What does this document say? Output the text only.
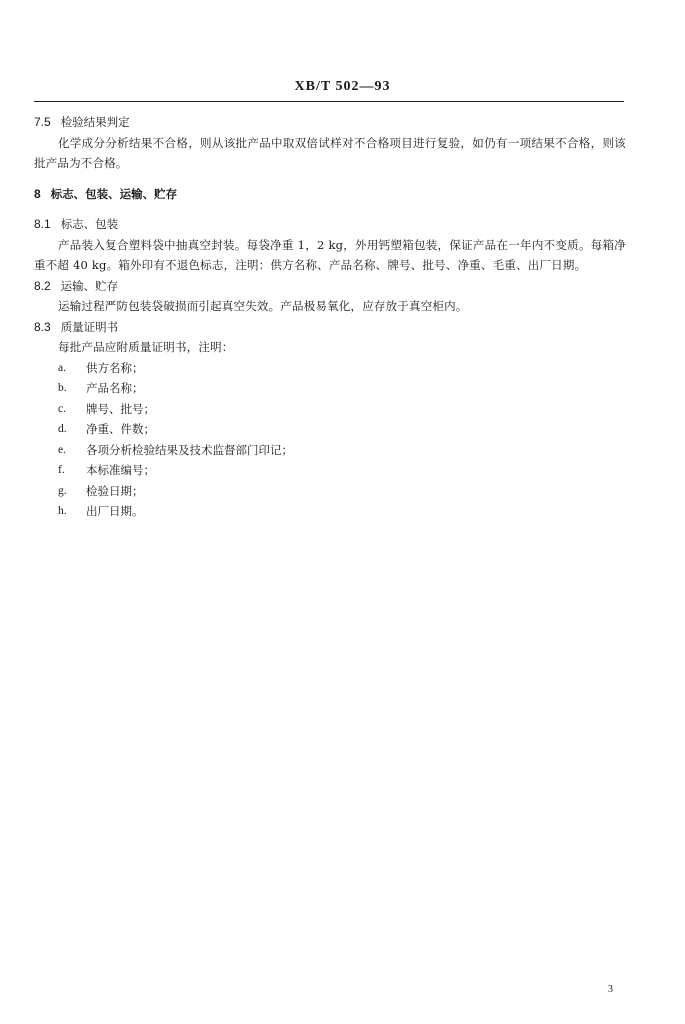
XB/T 502—93
7.5 检验结果判定

化学成分分析结果不合格，则从该批产品中取双倍试样对不合格项目进行复验，如仍有一项结果不合格，则该批产品为不合格。

8 标志、包装、运输、贮存
8.1 标志、包装

产品装入复合塑料袋中抽真空封装。每袋净重 1，2 kg，外用钙塑箱包装，保证产品在一年内不变质。每箱净重不超 40 kg。箱外印有不退色标志，注明：供方名称、产品名称、牌号、批号、净重、毛重、出厂日期。

8.2 运输、贮存

运输过程严防包装袋破损而引起真空失效。产品极易氧化，应存放于真空柜内。

8.3 质量证明书

每批产品应附质量证明书，注明：

a.	供方名称；
b.	产品名称；
c.	牌号、批号；
d.	净重、件数；
e.	各项分析检验结果及技术监督部门印记；
f.	本标准编号；
g.	检验日期；
h.	出厂日期。
3
